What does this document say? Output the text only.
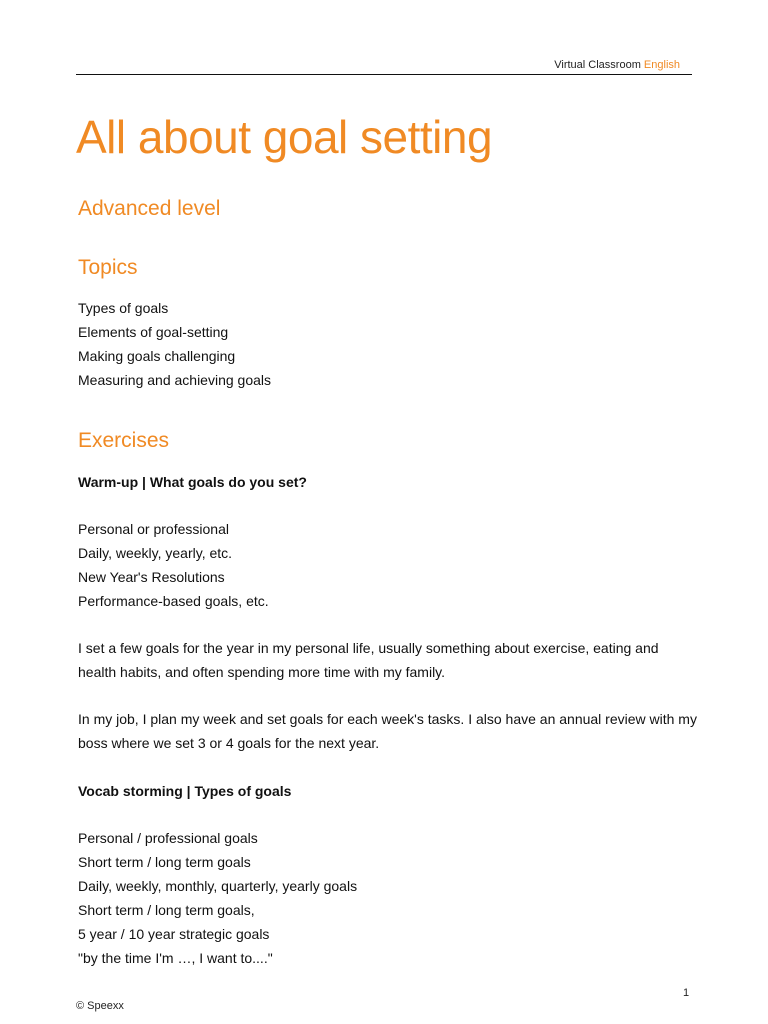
Virtual Classroom English
All about goal setting
Advanced level
Topics
Types of goals
Elements of goal-setting
Making goals challenging
Measuring and achieving goals
Exercises
Warm-up | What goals do you set?
Personal or professional
Daily, weekly, yearly, etc.
New Year's Resolutions
Performance-based goals, etc.
I set a few goals for the year in my personal life, usually something about exercise, eating and health habits, and often spending more time with my family.
In my job, I plan my week and set goals for each week's tasks. I also have an annual review with my boss where we set 3 or 4 goals for the next year.
Vocab storming | Types of goals
Personal / professional goals
Short term / long term goals
Daily, weekly, monthly, quarterly, yearly goals
Short term / long term goals,
5 year / 10 year strategic goals
"by the time I'm …, I want to...."
1
© Speexx
